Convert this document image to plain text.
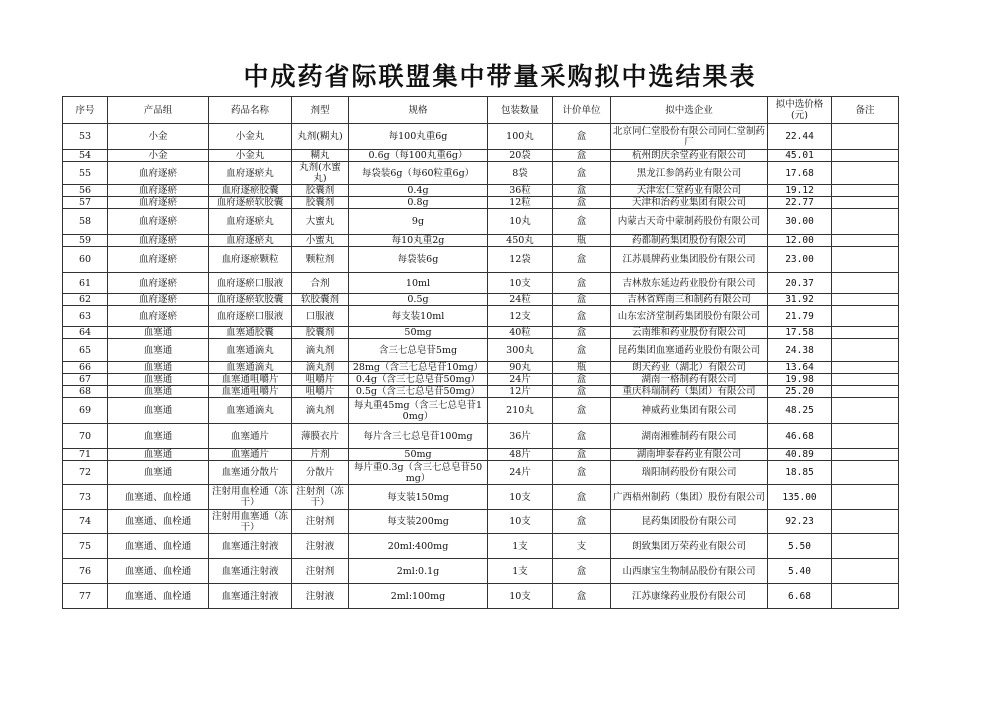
中成药省际联盟集中带量采购拟中选结果表
序号	产品组	药品名称	剂型	规格	包装数量	计价单位	拟中选企业	拟中选价格(元)	备注
53	小金	小金丸	丸剂(糊丸)	每100丸重6g	100丸	盒	北京同仁堂股份有限公司同仁堂制药厂	22.44	
54	小金	小金丸	糊丸	0.6g（每100丸重6g）	20袋	盒	杭州朗庆余堂药业有限公司	45.01	
55	血府逐瘀	血府逐瘀丸	丸剂(水蜜丸)	每袋装6g（每60粒重6g）	8袋	盒	黑龙江参鸽药业有限公司	17.68	
56	血府逐瘀	血府逐瘀胶囊	胶囊剂	0.4g	36粒	盒	天津宏仁堂药业有限公司	19.12	
57	血府逐瘀	血府逐瘀软胶囊	胶囊剂	0.8g	12粒	盒	天津和治药业集团有限公司	22.77	
58	血府逐瘀	血府逐瘀丸	大蜜丸	9g	10丸	盒	内蒙古天奇中蒙制药股份有限公司	30.00	
59	血府逐瘀	血府逐瘀丸	小蜜丸	每10丸重2g	450丸	瓶	药都制药集团股份有限公司	12.00	
60	血府逐瘀	血府逐瘀颗粒	颗粒剂	每袋装6g	12袋	盒	江苏晨牌药业集团股份有限公司	23.00	
61	血府逐瘀	血府逐瘀口服液	合剂	10ml	10支	盒	吉林敖东延边药业股份有限公司	20.37	
62	血府逐瘀	血府逐瘀软胶囊	软胶囊剂	0.5g	24粒	盒	吉林省辉南三和制药有限公司	31.92	
63	血府逐瘀	血府逐瘀口服液	口服液	每支装10ml	12支	盒	山东宏济堂制药集团股份有限公司	21.79	
64	血塞通	血塞通胶囊	胶囊剂	50mg	40粒	盒	云南维和药业股份有限公司	17.58	
65	血塞通	血塞通滴丸	滴丸剂	含三七总皂苷5mg	300丸	盒	昆药集团血塞通药业股份有限公司	24.38	
66	血塞通	血塞通滴丸	滴丸剂	28mg（含三七总皂苷10mg）	90丸	瓶	朗天药业（湖北）有限公司	13.64	
67	血塞通	血塞通咀嚼片	咀嚼片	0.4g（含三七总皂苷50mg）	24片	盒	湖南一格制药有限公司	19.98	
68	血塞通	血塞通咀嚼片	咀嚼片	0.5g（含三七总皂苷50mg）	12片	盒	重庆科瑞制药（集团）有限公司	25.20	
69	血塞通	血塞通滴丸	滴丸剂	每丸重45mg（含三七总皂苷10mg）	210丸	盒	神威药业集团有限公司	48.25	
70	血塞通	血塞通片	薄膜衣片	每片含三七总皂苷100mg	36片	盒	湖南湘雅制药有限公司	46.68	
71	血塞通	血塞通片	片剂	50mg	48片	盒	湖南坤泰春药业有限公司	40.89	
72	血塞通	血塞通分散片	分散片	每片重0.3g（含三七总皂苷50mg）	24片	盒	瑞阳制药股份有限公司	18.85	
73	血塞通、血栓通	注射用血栓通（冻干）	注射剂（冻干）	每支装150mg	10支	盒	广西梧州制药（集团）股份有限公司	135.00	
74	血塞通、血栓通	注射用血塞通（冻干）	注射剂	每支装200mg	10支	盒	昆药集团股份有限公司	92.23	
75	血塞通、血栓通	血塞通注射液	注射液	20ml:400mg	1支	支	朗致集团万荣药业有限公司	5.50	
76	血塞通、血栓通	血塞通注射液	注射剂	2ml:0.1g	1支	盒	山西康宝生物制品股份有限公司	5.40	
77	血塞通、血栓通	血塞通注射液	注射液	2ml:100mg	10支	盒	江苏康缘药业股份有限公司	6.68	
